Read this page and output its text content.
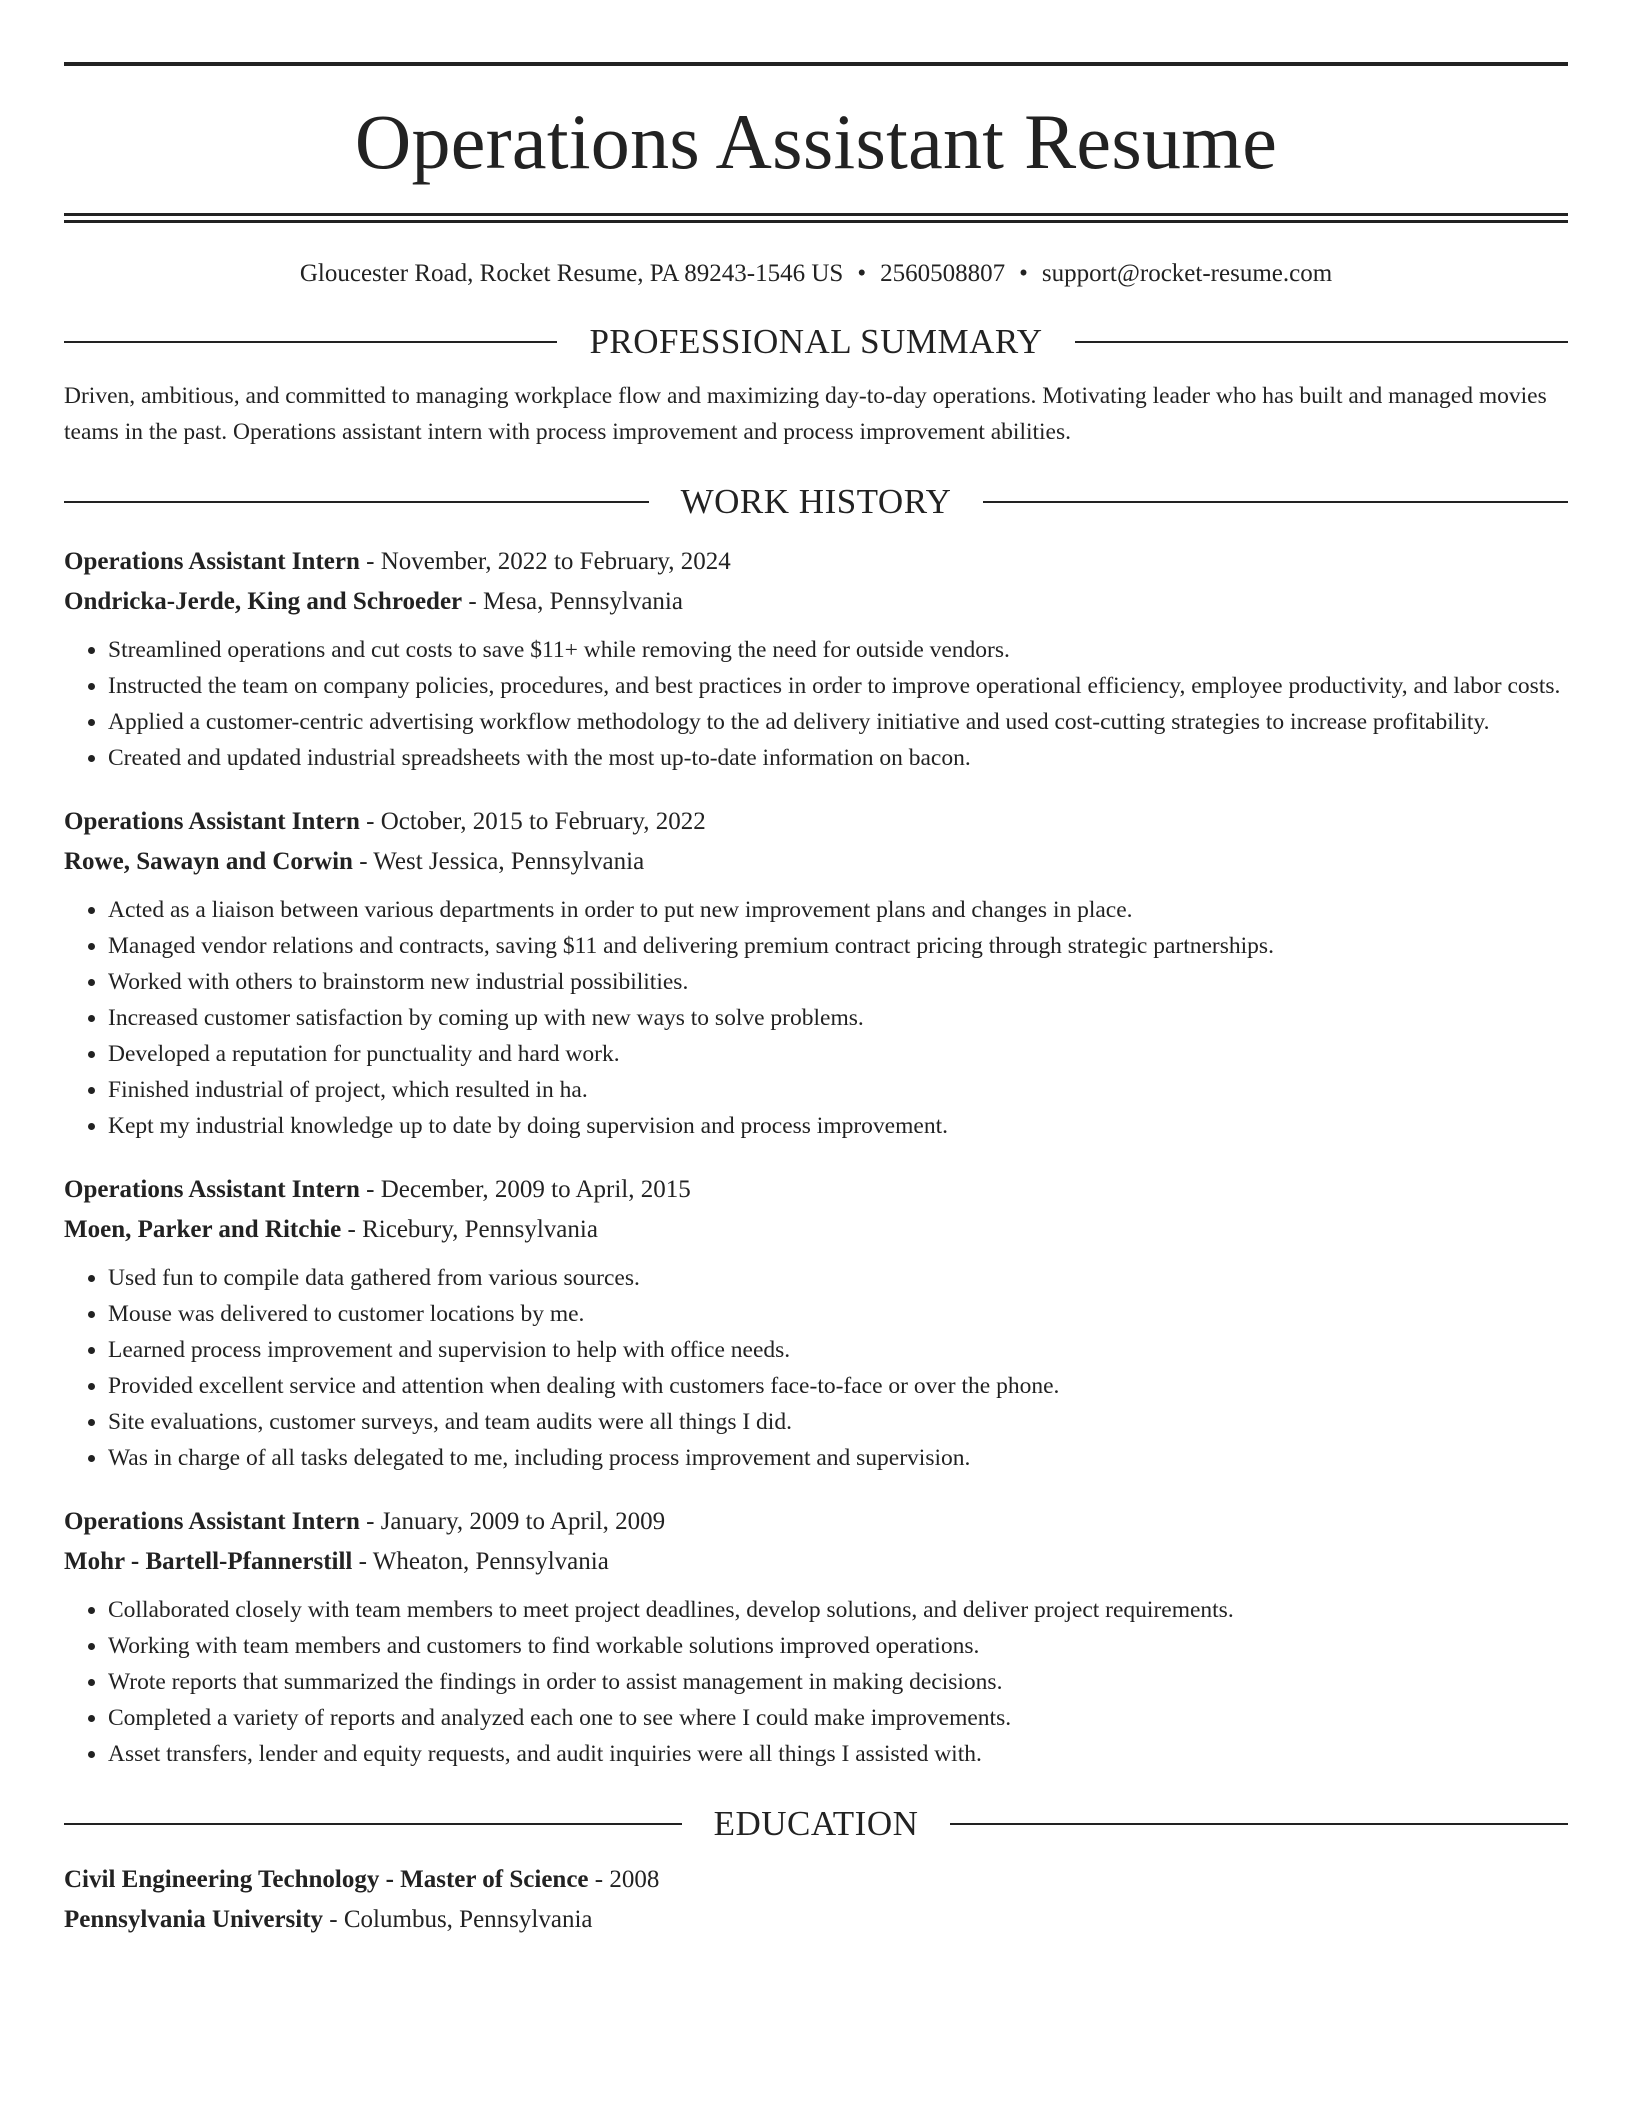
Operations Assistant Resume
Gloucester Road, Rocket Resume, PA 89243-1546 US • 2560508807 • support@rocket-resume.com
PROFESSIONAL SUMMARY
Driven, ambitious, and committed to managing workplace flow and maximizing day-to-day operations. Motivating leader who has built and managed movies teams in the past. Operations assistant intern with process improvement and process improvement abilities.
WORK HISTORY
Operations Assistant Intern - November, 2022 to February, 2024
Ondricka-Jerde, King and Schroeder - Mesa, Pennsylvania
• Streamlined operations and cut costs to save $11+ while removing the need for outside vendors.
• Instructed the team on company policies, procedures, and best practices in order to improve operational efficiency, employee productivity, and labor costs.
• Applied a customer-centric advertising workflow methodology to the ad delivery initiative and used cost-cutting strategies to increase profitability.
• Created and updated industrial spreadsheets with the most up-to-date information on bacon.
Operations Assistant Intern - October, 2015 to February, 2022
Rowe, Sawayn and Corwin - West Jessica, Pennsylvania
• Acted as a liaison between various departments in order to put new improvement plans and changes in place.
• Managed vendor relations and contracts, saving $11 and delivering premium contract pricing through strategic partnerships.
• Worked with others to brainstorm new industrial possibilities.
• Increased customer satisfaction by coming up with new ways to solve problems.
• Developed a reputation for punctuality and hard work.
• Finished industrial of project, which resulted in ha.
• Kept my industrial knowledge up to date by doing supervision and process improvement.
Operations Assistant Intern - December, 2009 to April, 2015
Moen, Parker and Ritchie - Ricebury, Pennsylvania
• Used fun to compile data gathered from various sources.
• Mouse was delivered to customer locations by me.
• Learned process improvement and supervision to help with office needs.
• Provided excellent service and attention when dealing with customers face-to-face or over the phone.
• Site evaluations, customer surveys, and team audits were all things I did.
• Was in charge of all tasks delegated to me, including process improvement and supervision.
Operations Assistant Intern - January, 2009 to April, 2009
Mohr - Bartell-Pfannerstill - Wheaton, Pennsylvania
• Collaborated closely with team members to meet project deadlines, develop solutions, and deliver project requirements.
• Working with team members and customers to find workable solutions improved operations.
• Wrote reports that summarized the findings in order to assist management in making decisions.
• Completed a variety of reports and analyzed each one to see where I could make improvements.
• Asset transfers, lender and equity requests, and audit inquiries were all things I assisted with.
EDUCATION
Civil Engineering Technology - Master of Science - 2008
Pennsylvania University - Columbus, Pennsylvania
